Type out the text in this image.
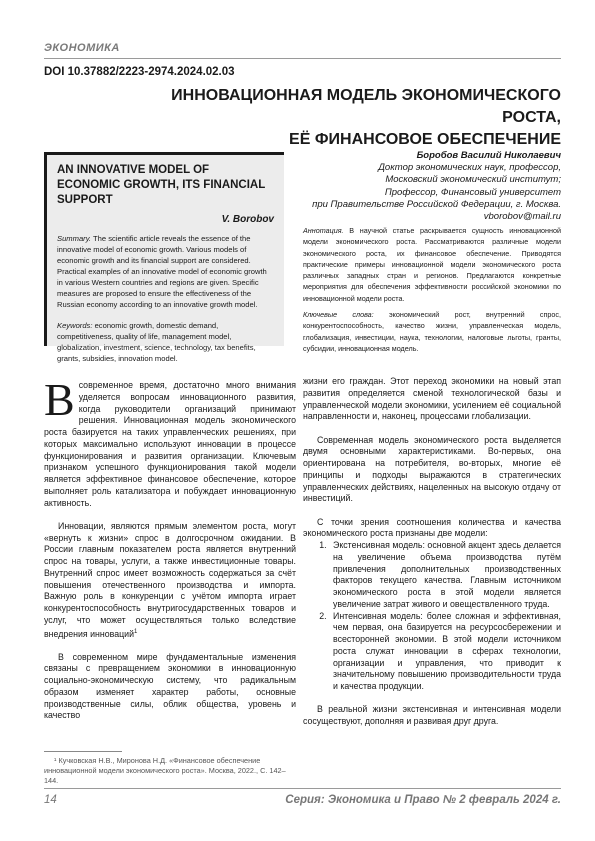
ЭКОНОМИКА
DOI 10.37882/2223-2974.2024.02.03
ИННОВАЦИОННАЯ МОДЕЛЬ ЭКОНОМИЧЕСКОГО РОСТА,
ЕЁ ФИНАНСОВОЕ ОБЕСПЕЧЕНИЕ
AN INNOVATIVE MODEL OF ECONOMIC GROWTH, ITS FINANCIAL SUPPORT
V. Borobov
Summary. The scientific article reveals the essence of the innovative model of economic growth. Various models of economic growth and its financial support are considered. Practical examples of an innovative model of economic growth in various Western countries and regions are given. Specific measures are proposed to ensure the effectiveness of the Russian economy according to an innovative growth model.
Keywords: economic growth, domestic demand, competitiveness, quality of life, management model, globalization, investment, science, technology, tax benefits, grants, subsidies, innovation model.
Боробов Василий Николаевич
Доктор экономических наук, профессор,
Московский экономический институт;
Профессор, Финансовый университет
при Правительстве Российской Федерации, г. Москва.
vborobov@mail.ru
Аннотация. В научной статье раскрывается сущность инновационной модели экономического роста. Рассматриваются различные модели экономического роста, их финансовое обеспечение. Приводятся практические примеры инновационной модели экономического роста различных западных стран и регионов. Предлагаются конкретные мероприятия для обеспечения эффективности российской экономики по инновационной модели роста.
Ключевые слова: экономический рост, внутренний спрос, конкурентоспособность, качество жизни, управленческая модель, глобализация, инвестиции, наука, технологии, налоговые льготы, гранты, субсидии, инновационная модель.

Всовременное время, достаточно много внимания уделяется вопросам инновационного развития, когда руководители организаций принимают решения. Инновационная модель экономического роста базируется на таких управленческих решениях, при которых максимально используют инновации в процессе функционирования и развития организации. Ключевым признаком успешного функционирования такой модели является эффективное финансовое обеспечение, которое выполняет роль катализатора и побуждает инновационную активность.

Инновации, являются прямым элементом роста, могут «вернуть к жизни» спрос в долгосрочном ожидании. В России главным показателем роста является внутренний спрос на товары, услуги, а также инвестиционные товары. Внутренний спрос имеет возможность содержаться за счёт повышения отечественного производства и импорта. Важную роль в конкуренции с учётом импорта играет конкурентоспособность внутригосударственных товаров и услуг, что может осуществляться только вследствие внедрения инноваций$^1$

В современном мире фундаментальные изменения связаны с превращением экономики в инновационную социально-экономическую систему, что радикальным образом изменяет характер работы, основные производственные силы, облик общества, уровень и качество

жизни его граждан. Этот переход экономики на новый этап развития определяется сменой технологической базы и управленческой модели экономики, усилением её социальной направленности и, наконец, процессами глобализации.

Современная модель экономического роста выделяется двумя основными характеристиками. Во-первых, она ориентирована на потребителя, во-вторых, многие её принципы и подходы выражаются в стратегических управленческих действиях, нацеленных на высокую отдачу от инвестиций.

С точки зрения соотношения количества и качества экономического роста признаны две модели:

1. Экстенсивная модель: основной акцент здесь делается на увеличение объема производства путём привлечения дополнительных производственных факторов текущего качества. Главным источником экономического роста в этой модели является увеличение затрат живого и овеществленного труда.
2. Интенсивная модель: более сложная и эффективная, чем первая, она базируется на ресурсосбережении и всесторонней экономии. В этой модели источником роста служат инновации в сферах технологии, организации и управления, что приводит к значительному повышению производительности труда и качества продукции.

В реальной жизни экстенсивная и интенсивная модели сосуществуют, дополняя и развивая друг друга.

¹ Кучковская Н.В., Миронова Н.Д. «Финансовое обеспечение инновационной модели экономического роста». Москва, 2022., С. 142–144.
14	Серия: Экономика и Право № 2 февраль 2024 г.
